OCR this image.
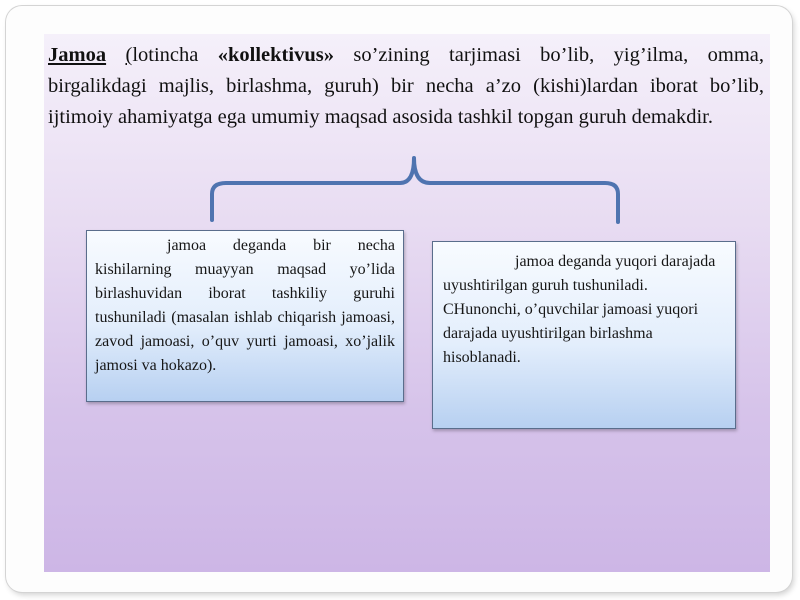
Jamoa (lotincha «kollektivus» so’zining tarjimasi bo’lib, yig’ilma, omma, birgalikdagi majlis, birlashma, guruh) bir necha a’zo (kishi)lardan iborat bo’lib, ijtimoiy ahamiyatga ega umumiy maqsad asosida tashkil topgan guruh demakdir.

jamoa deganda bir necha kishilarning muayyan maqsad yo’lida birlashuvidan iborat tashkiliy guruhi tushuniladi (masalan ishlab chiqarish jamoasi, zavod jamoasi, o’quv yurti jamoasi, xo’jalik jamosi va hokazo).

jamoa deganda yuqori darajada uyushtirilgan guruh tushuniladi. CHunonchi, o’quvchilar jamoasi yuqori darajada uyushtirilgan birlashma hisoblanadi.
